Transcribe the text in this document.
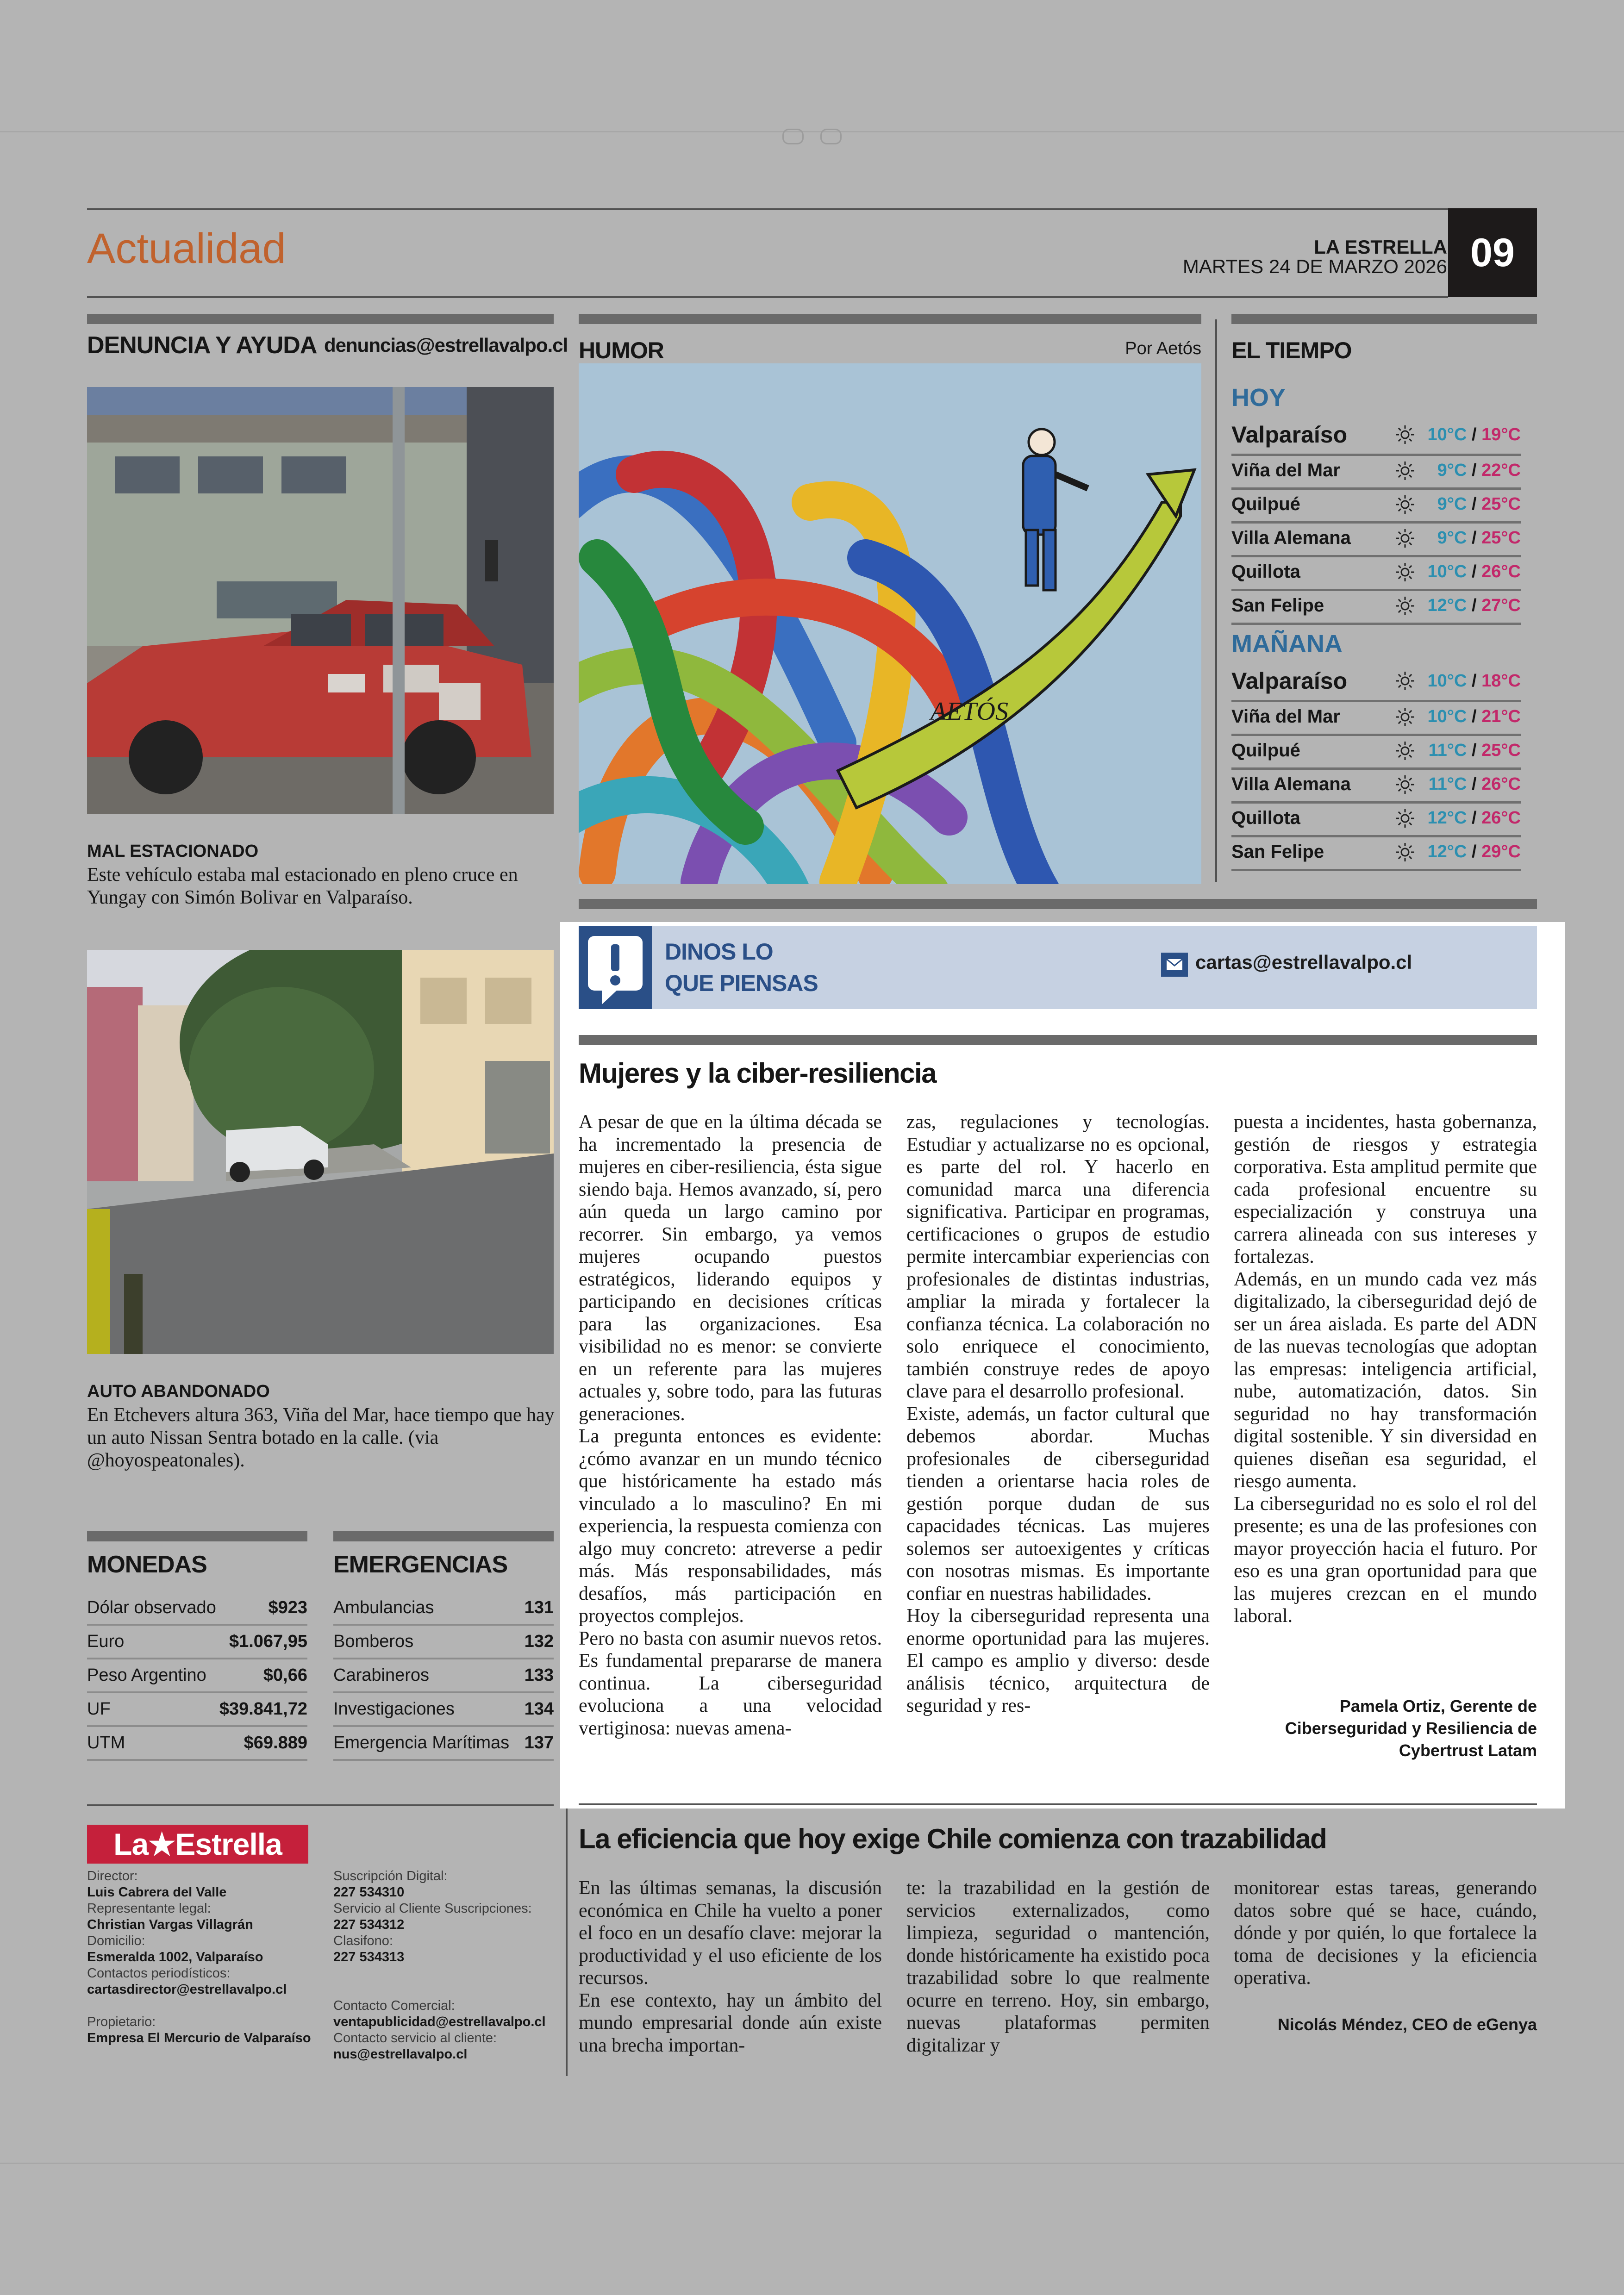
Actualidad	LA ESTRELLA
MARTES 24 DE MARZO 2026 09
DENUNCIA Y AYUDA denuncias@estrellavalpo.cl
MAL ESTACIONADO
Este vehículo estaba mal estacionado en pleno cruce en Yungay con Simón Bolivar en Valparaíso.
AUTO ABANDONADO
En Etchevers altura 363, Viña del Mar, hace tiempo que hay un auto Nissan Sentra botado en la calle. (via @hoyospeatonales).
HUMOR	Por Aetós
AETÓS
EL TIEMPO
HOY
Valparaíso	10°C / 19°C
Viña del Mar	9°C / 22°C
Quilpué	9°C / 25°C
Villa Alemana	9°C / 25°C
Quillota	10°C / 26°C
San Felipe	12°C / 27°C
MAÑANA
Valparaíso	10°C / 18°C
Viña del Mar	10°C / 21°C
Quilpué	11°C / 25°C
Villa Alemana	11°C / 26°C
Quillota	12°C / 26°C
San Felipe	12°C / 29°C
MONEDAS
Dólar observado	$923
Euro	$1.067,95
Peso Argentino	$0,66
UF	$39.841,72
UTM	$69.889
EMERGENCIAS
Ambulancias	131
Bomberos	132
Carabineros	133
Investigaciones	134
Emergencia Marítimas 137
La★Estrella
Director:
Luis Cabrera del Valle
Representante legal:
Christian Vargas Villagrán
Domicilio:
Esmeralda 1002, Valparaíso
Contactos periodísticos:
cartasdirector@estrellavalpo.cl
Propietario:
Empresa El Mercurio de Valparaíso
Suscripción Digital:
227 534310
Servicio al Cliente Suscripciones:
227 534312
Clasifono:
227 534313
Contacto Comercial:
ventapublicidad@estrellavalpo.cl
Contacto servicio al cliente:
nus@estrellavalpo.cl
DINOS LO
QUE PIENSAS
cartas@estrellavalpo.cl
Mujeres y la ciber-resiliencia
A pesar de que en la última década se ha incrementado la presencia de mujeres en ciber-resiliencia, ésta sigue siendo baja. Hemos avanzado, sí, pero aún queda un largo camino por recorrer. Sin embargo, ya vemos mujeres ocupando puestos estratégicos, liderando equipos y participando en decisiones críticas para las organizaciones. Esa visibilidad no es menor: se convierte en un referente para las mujeres actuales y, sobre todo, para las futuras generaciones.
La pregunta entonces es evidente: ¿cómo avanzar en un mundo técnico que históricamente ha estado más vinculado a lo masculino? En mi experiencia, la respuesta comienza con algo muy concreto: atreverse a pedir más. Más responsabilidades, más desafíos, más participación en proyectos complejos.
Pero no basta con asumir nuevos retos. Es fundamental prepararse de manera continua. La ciberseguridad evoluciona a una velocidad vertiginosa: nuevas amena-
zas, regulaciones y tecnologías. Estudiar y actualizarse no es opcional, es parte del rol. Y hacerlo en comunidad marca una diferencia significativa. Participar en programas, certificaciones o grupos de estudio permite intercambiar experiencias con profesionales de distintas industrias, ampliar la mirada y fortalecer la confianza técnica. La colaboración no solo enriquece el conocimiento, también construye redes de apoyo clave para el desarrollo profesional.
Existe, además, un factor cultural que debemos abordar. Muchas profesionales de ciberseguridad tienden a orientarse hacia roles de gestión porque dudan de sus capacidades técnicas. Las mujeres solemos ser autoexigentes y críticas con nosotras mismas. Es importante confiar en nuestras habilidades.
Hoy la ciberseguridad representa una enorme oportunidad para las mujeres. El campo es amplio y diverso: desde análisis técnico, arquitectura de seguridad y res-
puesta a incidentes, hasta gobernanza, gestión de riesgos y estrategia corporativa. Esta amplitud permite que cada profesional encuentre su especialización y construya una carrera alineada con sus intereses y fortalezas.
Además, en un mundo cada vez más digitalizado, la ciberseguridad dejó de ser un área aislada. Es parte del ADN de las nuevas tecnologías que adoptan las empresas: inteligencia artificial, nube, automatización, datos. Sin seguridad no hay transformación digital sostenible. Y sin diversidad en quienes diseñan esa seguridad, el riesgo aumenta.
La ciberseguridad no es solo el rol del presente; es una de las profesiones con mayor proyección hacia el futuro. Por eso es una gran oportunidad para que las mujeres crezcan en el mundo laboral.
Pamela Ortiz, Gerente de
Ciberseguridad y Resiliencia de
Cybertrust Latam
La eficiencia que hoy exige Chile comienza con trazabilidad
En las últimas semanas, la discusión económica en Chile ha vuelto a poner el foco en un desafío clave: mejorar la productividad y el uso eficiente de los recursos.
En ese contexto, hay un ámbito del mundo empresarial donde aún existe una brecha importan-
te: la trazabilidad en la gestión de servicios externalizados, como limpieza, seguridad o mantención, donde históricamente ha existido poca trazabilidad sobre lo que realmente ocurre en terreno. Hoy, sin embargo, nuevas plataformas permiten digitalizar y
monitorear estas tareas, generando datos sobre qué se hace, cuándo, dónde y por quién, lo que fortalece la toma de decisiones y la eficiencia operativa.
Nicolás Méndez, CEO de eGenya
